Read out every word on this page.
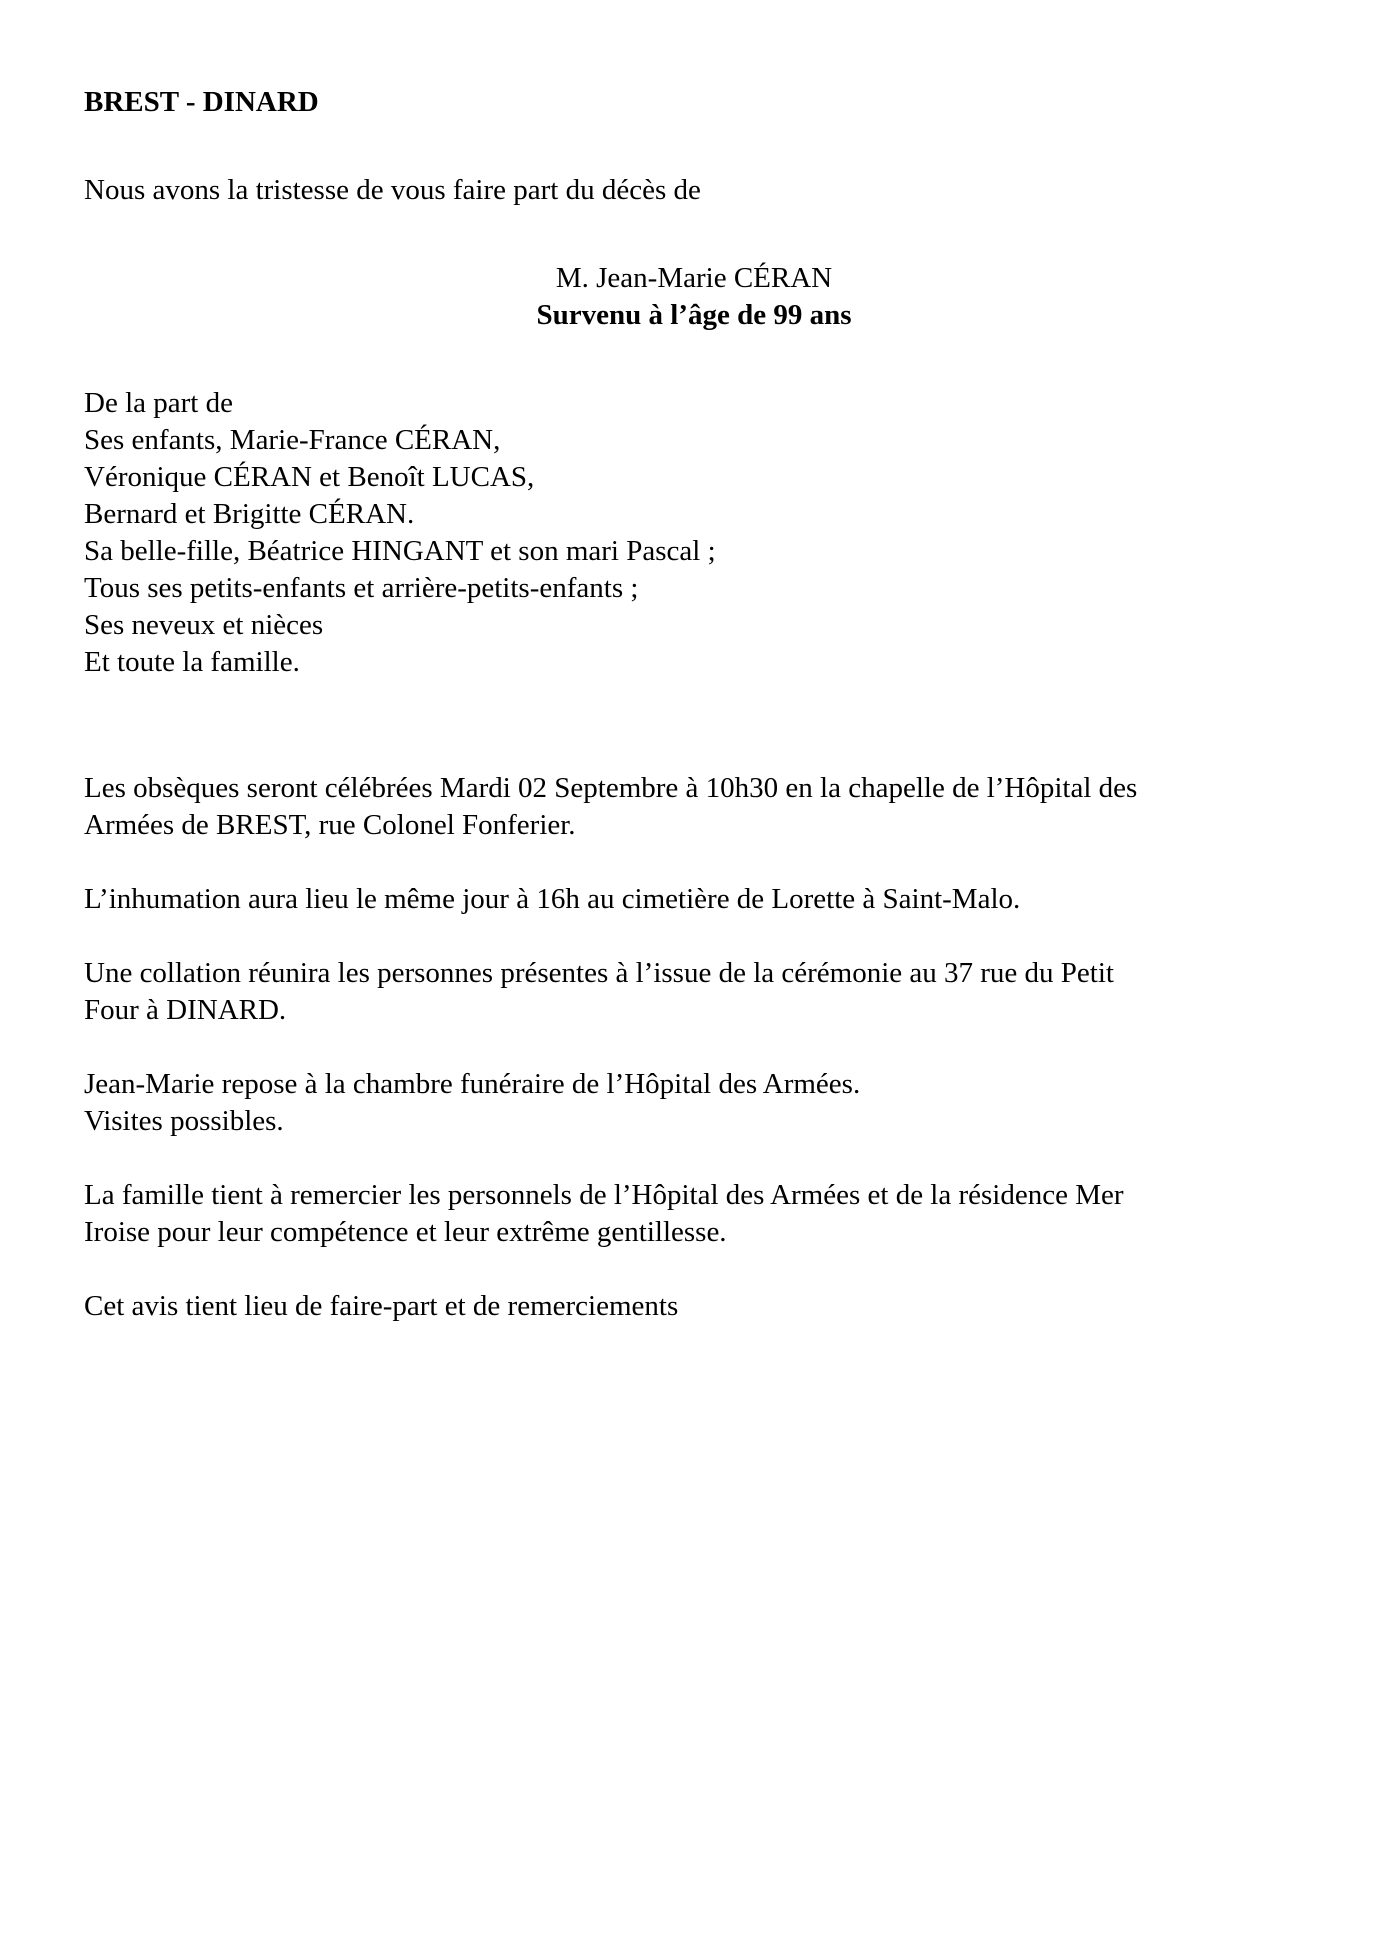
BREST - DINARD

Nous avons la tristesse de vous faire part du décès de

M. Jean-Marie CÉRAN
Survenu à l’âge de 99 ans
De la part de
Ses enfants, Marie-France CÉRAN,
Véronique CÉRAN et Benoît LUCAS,
Bernard et Brigitte CÉRAN.
Sa belle-fille, Béatrice HINGANT et son mari Pascal ;
Tous ses petits-enfants et arrière-petits-enfants ;
Ses neveux et nièces
Et toute la famille.
Les obsèques seront célébrées Mardi 02 Septembre à 10h30 en la chapelle de l’Hôpital des
Armées de BREST, rue Colonel Fonferier.

L’inhumation aura lieu le même jour à 16h au cimetière de Lorette à Saint-Malo.

Une collation réunira les personnes présentes à l’issue de la cérémonie au 37 rue du Petit
Four à DINARD.
Jean-Marie repose à la chambre funéraire de l’Hôpital des Armées.
Visites possibles.
La famille tient à remercier les personnels de l’Hôpital des Armées et de la résidence Mer
Iroise pour leur compétence et leur extrême gentillesse.

Cet avis tient lieu de faire-part et de remerciements
